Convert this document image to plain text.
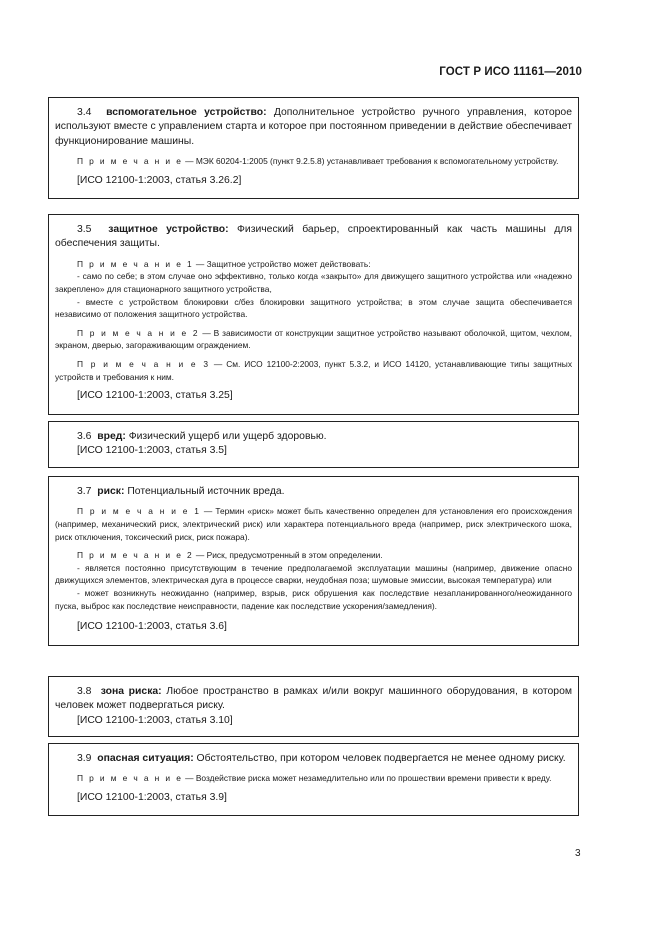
ГОСТ Р ИСО 11161—2010

3.4 вспомогательное устройство: Дополнительное устройство ручного управления, которое используют вместе с управлением старта и которое при постоянном приведении в действие обеспечивает функционирование машины.

П р и м е ч а н и е — МЭК 60204-1:2005 (пункт 9.2.5.8) устанавливает требования к вспомогательному устройству.

[ИСО 12100-1:2003, статья 3.26.2]

3.5 защитное устройство: Физический барьер, спроектированный как часть машины для обеспечения защиты.

П р и м е ч а н и е 1 — Защитное устройство может действовать:

- само по себе; в этом случае оно эффективно, только когда «закрыто» для движущего защитного устройства или «надежно закреплено» для стационарного защитного устройства,

- вместе с устройством блокировки с/без блокировки защитного устройства; в этом случае защита обеспечивается независимо от положения защитного устройства.

П р и м е ч а н и е 2 — В зависимости от конструкции защитное устройство называют оболочкой, щитом, чехлом, экраном, дверью, загораживающим ограждением.

П р и м е ч а н и е 3 — См. ИСО 12100-2:2003, пункт 5.3.2, и ИСО 14120, устанавливающие типы защитных устройств и требования к ним.

[ИСО 12100-1:2003, статья 3.25]

3.6 вред: Физический ущерб или ущерб здоровью.

[ИСО 12100-1:2003, статья 3.5]

3.7 риск: Потенциальный источник вреда.

П р и м е ч а н и е 1 — Термин «риск» может быть качественно определен для установления его происхождения (например, механический риск, электрический риск) или характера потенциального вреда (например, риск электрического шока, риск отключения, токсический риск, риск пожара).

П р и м е ч а н и е 2 — Риск, предусмотренный в этом определении.

- является постоянно присутствующим в течение предполагаемой эксплуатации машины (например, движение опасно движущихся элементов, электрическая дуга в процессе сварки, неудобная поза; шумовые эмиссии, высокая температура) или

- может возникнуть неожиданно (например, взрыв, риск обрушения как последствие незапланированного/неожиданного пуска, выброс как последствие неисправности, падение как последствие ускорения/замедления).

[ИСО 12100-1:2003, статья 3.6]

3.8 зона риска: Любое пространство в рамках и/или вокруг машинного оборудования, в котором человек может подвергаться риску.

[ИСО 12100-1:2003, статья 3.10]

3.9 опасная ситуация: Обстоятельство, при котором человек подвергается не менее одному риску.

П р и м е ч а н и е — Воздействие риска может незамедлительно или по прошествии времени привести к вреду.

[ИСО 12100-1:2003, статья 3.9]

3
